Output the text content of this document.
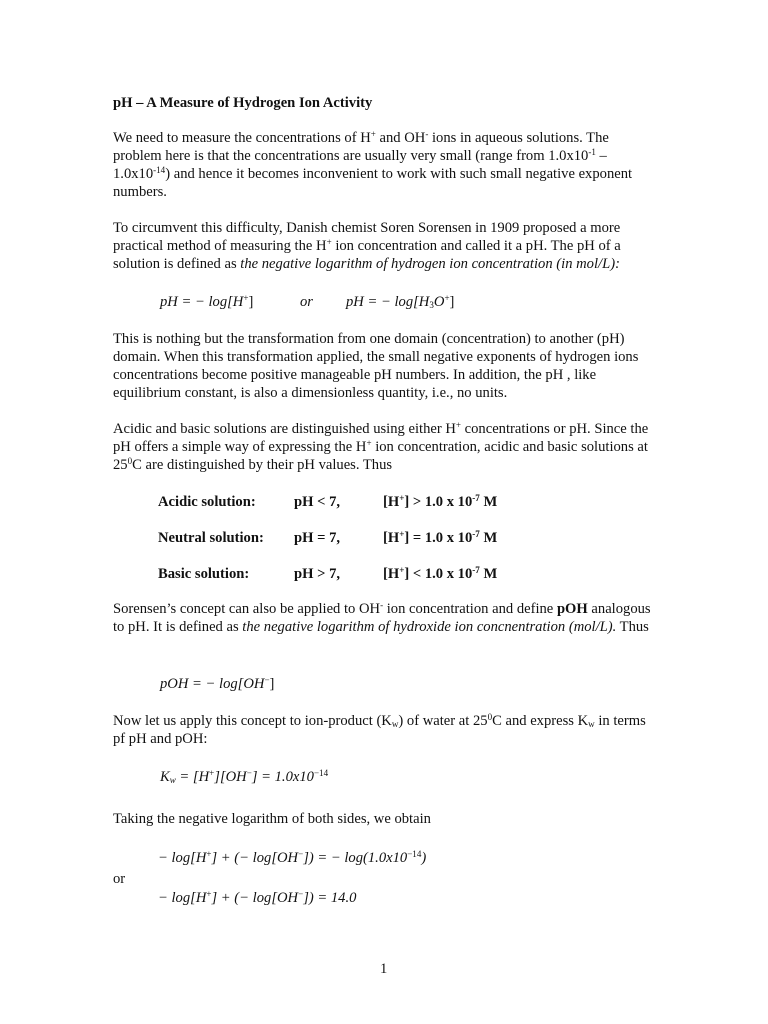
pH – A Measure of Hydrogen Ion Activity
We need to measure the concentrations of H+ and OH- ions in aqueous solutions. The problem here is that the concentrations are usually very small (range from $1.0x10^{-1} - 1.0x10^{-14}$) and hence it becomes inconvenient to work with such small negative exponent numbers.
To circumvent this difficulty, Danish chemist Soren Sorensen in 1909 proposed a more practical method of measuring the H+ ion concentration and called it a pH. The pH of a solution is defined as the negative logarithm of hydrogen ion concentration (in mol/L):
pH = − log[H+]	or pH = − $\log[H_3O^+]$
This is nothing but the transformation from one domain (concentration) to another (pH) domain. When this transformation applied, the small negative exponents of hydrogen ions concentrations become positive manageable pH numbers. In addition, the pH , like equilibrium constant, is also a dimensionless quantity, i.e., no units.
Acidic and basic solutions are distinguished using either H+ concentrations or pH. Since the pH offers a simple way of expressing the H+ ion concentration, acidic and basic solutions at $25^0C$ are distinguished by their pH values. Thus
Acidic solution:	pH < 7,	[H+] > 1.0 x $10^{-7}$ M
Neutral solution: pH = 7,	[H+] = 1.0 x $10^{-7}$ M
Basic solution:	pH > 7,	[H+] < 1.0 x $10^{-7}$ M
Sorensen’s concept can also be applied to OH- ion concentration and define pOH analogous to pH. It is defined as the negative logarithm of hydroxide ion concnentration (mol/L). Thus
pOH = − log[OH−]
Now let us apply this concept to ion-product $(K_w)$ of water at $25^0C$ and express $K_w$ in terms pf pH and pOH:
$K_w = [H^+][OH^-] = 1.0x10^{-14}$
Taking the negative logarithm of both sides, we obtain
− log[H+] + (− log[OH−]) = − $\log(1.0x10^{-14})$
or
− log[H+] + (− log[OH−]) = 14.0
1
